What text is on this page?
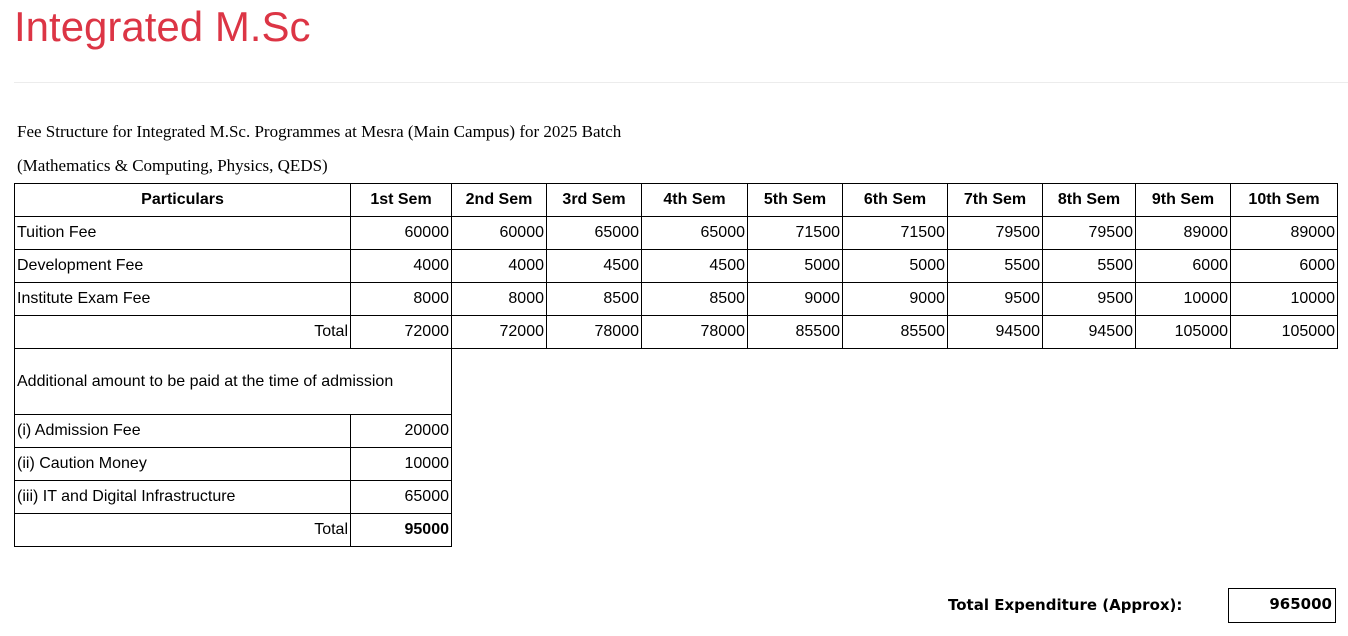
Integrated M.Sc
Fee Structure for Integrated M.Sc. Programmes at Mesra (Main Campus) for 2025 Batch
(Mathematics & Computing, Physics, QEDS)
Particulars	1st Sem	2nd Sem	3rd Sem	4th Sem	5th Sem	6th Sem	7th Sem	8th Sem	9th Sem	10th Sem
Tuition Fee	60000	60000	65000	65000	71500	71500	79500	79500	89000	89000
Development Fee	4000	4000	4500	4500	5000	5000	5500	5500	6000	6000
Institute Exam Fee	8000	8000	8500	8500	9000	9000	9500	9500	10000	10000
Total	72000	72000	78000	78000	85500	85500	94500	94500	105000	105000
Additional amount to be paid at the time of admission										
(i) Admission Fee	20000									
(ii) Caution Money	10000									
(iii) IT and Digital Infrastructure	65000									
Total	95000									
Total Expenditure (Approx):	965000
